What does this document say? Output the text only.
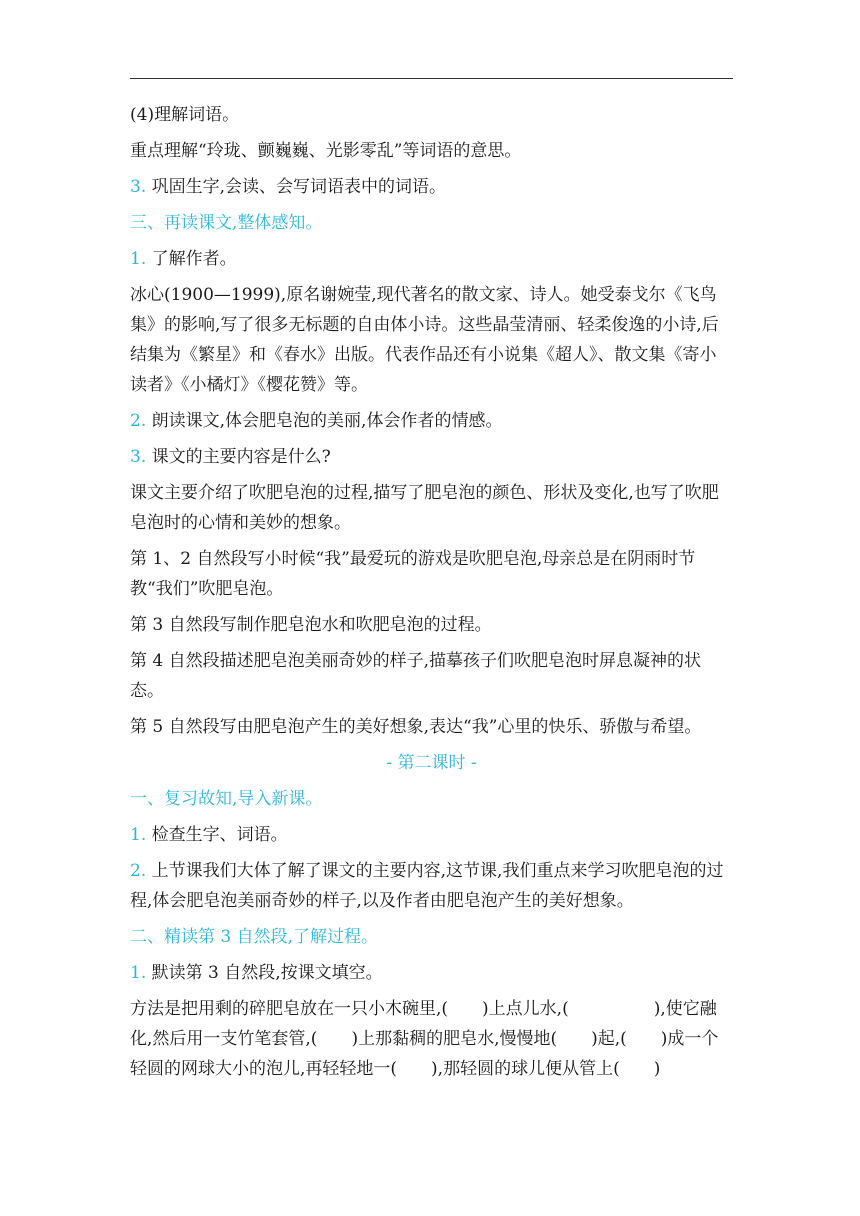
(4)理解词语。

重点理解“玲珑、颤巍巍、光影零乱”等词语的意思。

3. 巩固生字,会读、会写词语表中的词语。

三、再读课文,整体感知。

1. 了解作者。

冰心(1900—1999),原名谢婉莹,现代著名的散文家、诗人。她受泰戈尔《飞鸟集》的影响,写了很多无标题的自由体小诗。这些晶莹清丽、轻柔俊逸的小诗,后结集为《繁星》和《春水》出版。代表作品还有小说集《超人》、散文集《寄小读者》《小橘灯》《樱花赞》等。

2. 朗读课文,体会肥皂泡的美丽,体会作者的情感。

3. 课文的主要内容是什么?

课文主要介绍了吹肥皂泡的过程,描写了肥皂泡的颜色、形状及变化,也写了吹肥皂泡时的心情和美妙的想象。

第 1、2 自然段写小时候“我”最爱玩的游戏是吹肥皂泡,母亲总是在阴雨时节教“我们”吹肥皂泡。

第 3 自然段写制作肥皂泡水和吹肥皂泡的过程。

第 4 自然段描述肥皂泡美丽奇妙的样子,描摹孩子们吹肥皂泡时屏息凝神的状态。

第 5 自然段写由肥皂泡产生的美好想象,表达“我”心里的快乐、骄傲与希望。

- 第二课时 -

一、复习故知,导入新课。

1. 检查生字、词语。

2. 上节课我们大体了解了课文的主要内容,这节课,我们重点来学习吹肥皂泡的过程,体会肥皂泡美丽奇妙的样子,以及作者由肥皂泡产生的美好想象。

二、精读第 3 自然段,了解过程。

1. 默读第 3 自然段,按课文填空。

方法是把用剩的碎肥皂放在一只小木碗里,(　　)上点儿水,(　　　　　),使它融化,然后用一支竹笔套管,(　　)上那黏稠的肥皂水,慢慢地(　　)起,(　　)成一个轻圆的网球大小的泡儿,再轻轻地一(　　),那轻圆的球儿便从管上(　　)
